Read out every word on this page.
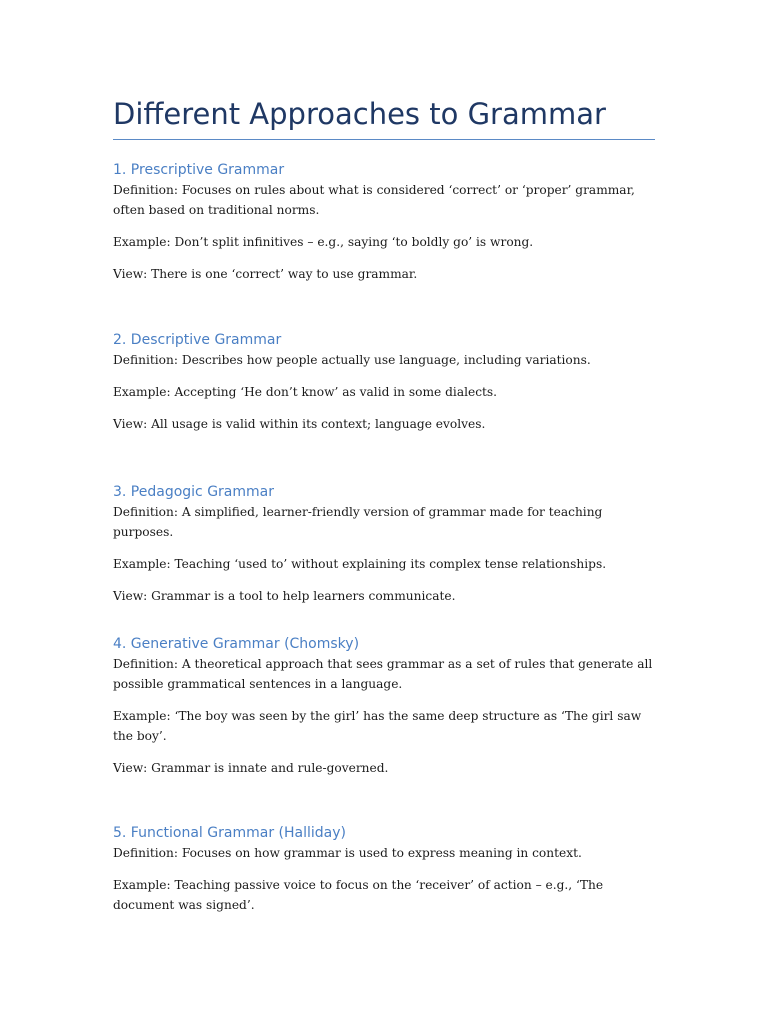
Different Approaches to Grammar
1. Prescriptive Grammar

Definition: Focuses on rules about what is considered ‘correct’ or ‘proper’ grammar, often based on traditional norms.

Example: Don’t split infinitives – e.g., saying ‘to boldly go’ is wrong.

View: There is one ‘correct’ way to use grammar.

2. Descriptive Grammar

Definition: Describes how people actually use language, including variations.

Example: Accepting ‘He don’t know’ as valid in some dialects.

View: All usage is valid within its context; language evolves.

3. Pedagogic Grammar

Definition: A simplified, learner-friendly version of grammar made for teaching purposes.

Example: Teaching ‘used to’ without explaining its complex tense relationships.

View: Grammar is a tool to help learners communicate.

4. Generative Grammar (Chomsky)

Definition: A theoretical approach that sees grammar as a set of rules that generate all possible grammatical sentences in a language.

Example: ‘The boy was seen by the girl’ has the same deep structure as ‘The girl saw the boy’.

View: Grammar is innate and rule-governed.

5. Functional Grammar (Halliday)

Definition: Focuses on how grammar is used to express meaning in context.

Example: Teaching passive voice to focus on the ‘receiver’ of action – e.g., ‘The document was signed’.
